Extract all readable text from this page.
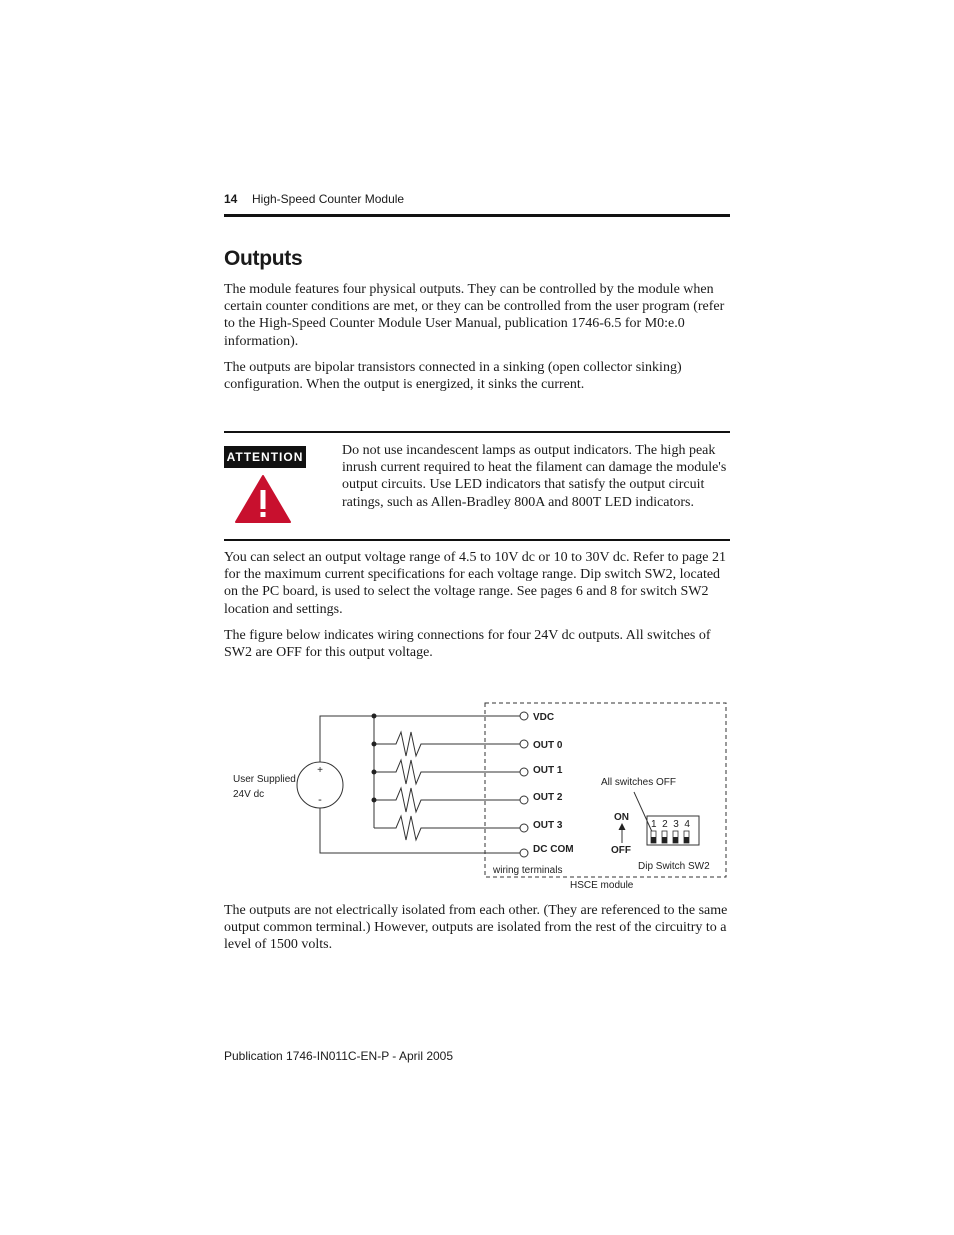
14 High-Speed Counter Module
Outputs

The module features four physical outputs. They can be controlled by the module when certain counter conditions are met, or they can be controlled from the user program (refer to the High-Speed Counter Module User Manual, publication 1746-6.5 for M0:e.0 information).

The outputs are bipolar transistors connected in a sinking (open collector sinking) configuration. When the output is energized, it sinks the current.

ATTENTION	Do not use incandescent lamps as output indicators. The high peak inrush current required to heat the filament can damage the module's output circuits. Use LED indicators that satisfy the output circuit ratings, such as Allen-Bradley 800A and 800T LED indicators.

You can select an output voltage range of 4.5 to 10V dc or 10 to 30V dc. Refer to page 21 for the maximum current specifications for each voltage range. Dip switch SW2, located on the PC board, is used to select the voltage range. See pages 6 and 8 for switch SW2 location and settings.

The figure below indicates wiring connections for four 24V dc outputs. All switches of SW2 are OFF for this output voltage.

+
-
User Supplied
24V dc
VDC
OUT 0
OUT 1
OUT 2
OUT 3
DC COM
wiring terminals
HSCE module
All switches OFF
ON
OFF
1  2  3  4
Dip Switch SW2

The outputs are not electrically isolated from each other. (They are referenced to the same output common terminal.) However, outputs are isolated from the rest of the circuitry to a level of 1500 volts.

Publication 1746-IN011C-EN-P - April 2005
